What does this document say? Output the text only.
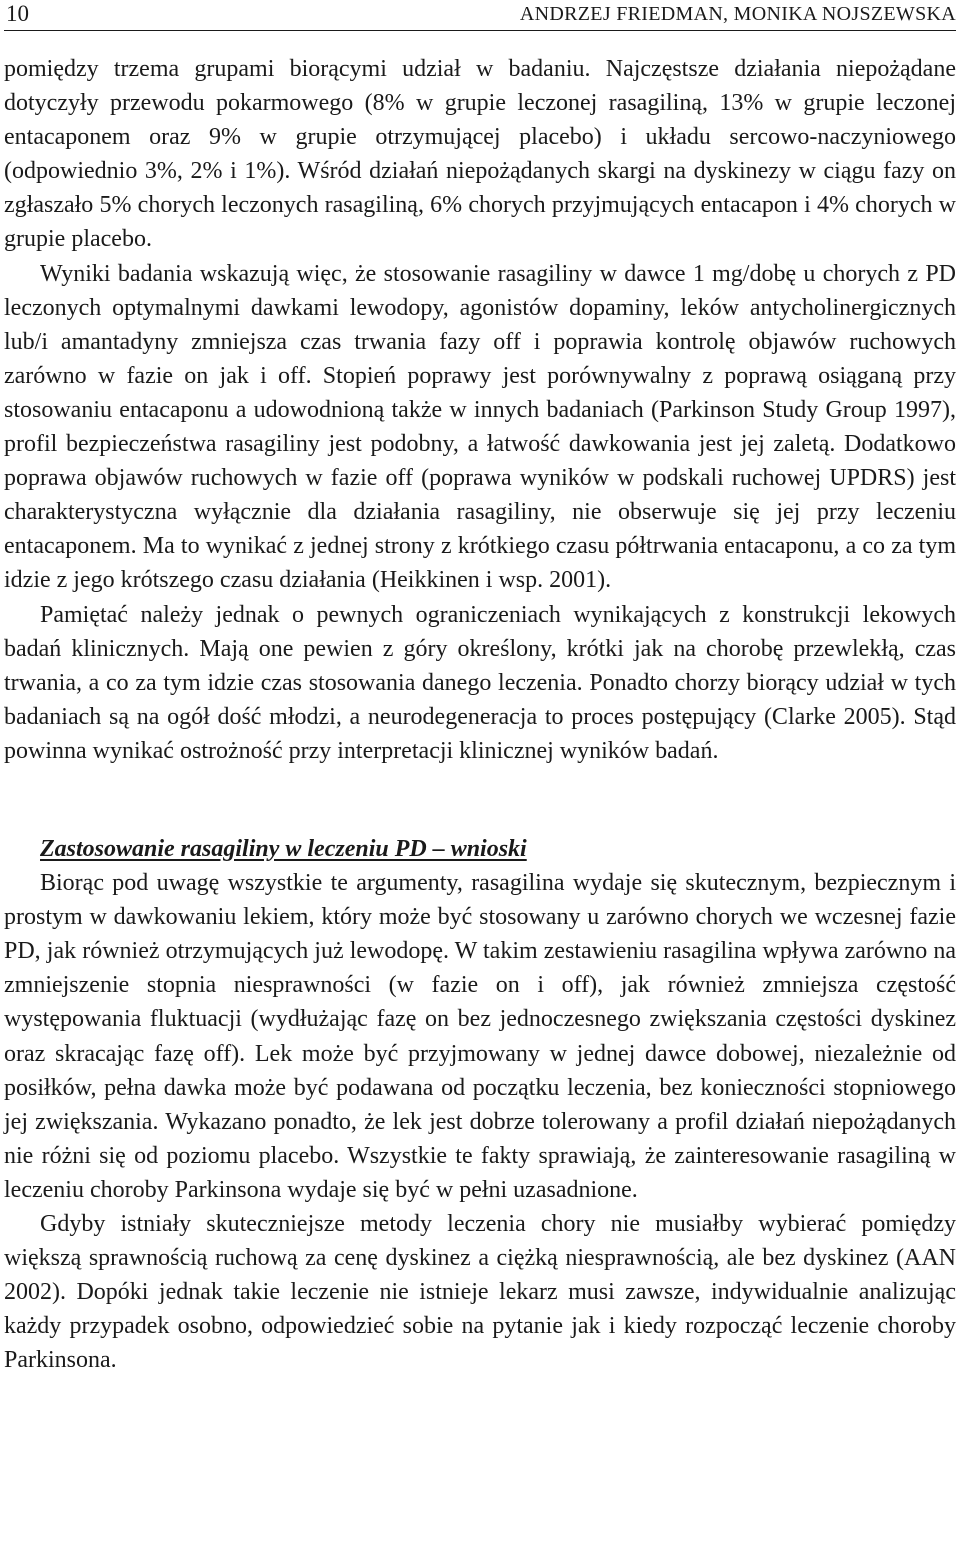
10	ANDRZEJ FRIEDMAN, MONIKA NOJSZEWSKA

pomiędzy trzema grupami biorącymi udział w badaniu. Najczęstsze działania niepożądane dotyczyły przewodu pokarmowego (8% w grupie leczonej rasagiliną, 13% w grupie leczonej entacaponem oraz 9% w grupie otrzymującej placebo) i układu sercowo-naczyniowego (odpowiednio 3%, 2% i 1%). Wśród działań niepożądanych skargi na dyskinezy w ciągu fazy on zgłaszało 5% chorych leczonych rasagiliną, 6% chorych przyjmujących entacapon i 4% chorych w grupie placebo.

Wyniki badania wskazują więc, że stosowanie rasagiliny w dawce 1 mg/dobę u chorych z PD leczonych optymalnymi dawkami lewodopy, agonistów dopaminy, leków antycholinergicznych lub/i amantadyny zmniejsza czas trwania fazy off i poprawia kontrolę objawów ruchowych zarówno w fazie on jak i off. Stopień poprawy jest porównywalny z poprawą osiąganą przy stosowaniu entacaponu a udowodnioną także w innych badaniach (Parkinson Study Group 1997), profil bezpieczeństwa rasagiliny jest podobny, a łatwość dawkowania jest jej zaletą. Dodatkowo poprawa objawów ruchowych w fazie off (poprawa wyników w podskali ruchowej UPDRS) jest charakterystyczna wyłącznie dla działania rasagiliny, nie obserwuje się jej przy leczeniu entacaponem. Ma to wynikać z jednej strony z krótkiego czasu półtrwania entacaponu, a co za tym idzie z jego krótszego czasu działania (Heikkinen i wsp. 2001).

Pamiętać należy jednak o pewnych ograniczeniach wynikających z konstrukcji lekowych badań klinicznych. Mają one pewien z góry określony, krótki jak na chorobę przewlekłą, czas trwania, a co za tym idzie czas stosowania danego leczenia. Ponadto chorzy biorący udział w tych badaniach są na ogół dość młodzi, a neurodegeneracja to proces postępujący (Clarke 2005). Stąd powinna wynikać ostrożność przy interpretacji klinicznej wyników badań.

Zastosowanie rasagiliny w leczeniu PD – wnioski

Biorąc pod uwagę wszystkie te argumenty, rasagilina wydaje się skutecznym, bezpiecznym i prostym w dawkowaniu lekiem, który może być stosowany u zarówno chorych we wczesnej fazie PD, jak również otrzymujących już lewodopę. W takim zestawieniu rasagilina wpływa zarówno na zmniejszenie stopnia niesprawności (w fazie on i off), jak również zmniejsza częstość występowania fluktuacji (wydłużając fazę on bez jednoczesnego zwiększania częstości dyskinez oraz skracając fazę off). Lek może być przyjmowany w jednej dawce dobowej, niezależnie od posiłków, pełna dawka może być podawana od początku leczenia, bez konieczności stopniowego jej zwiększania. Wykazano ponadto, że lek jest dobrze tolerowany a profil działań niepożądanych nie różni się od poziomu placebo. Wszystkie te fakty sprawiają, że zainteresowanie rasagiliną w leczeniu choroby Parkinsona wydaje się być w pełni uzasadnione.

Gdyby istniały skuteczniejsze metody leczenia chory nie musiałby wybierać pomiędzy większą sprawnością ruchową za cenę dyskinez a ciężką niesprawnością, ale bez dyskinez (AAN 2002). Dopóki jednak takie leczenie nie istnieje lekarz musi zawsze, indywidualnie analizując każdy przypadek osobno, odpowiedzieć sobie na pytanie jak i kiedy rozpocząć leczenie choroby Parkinsona.
